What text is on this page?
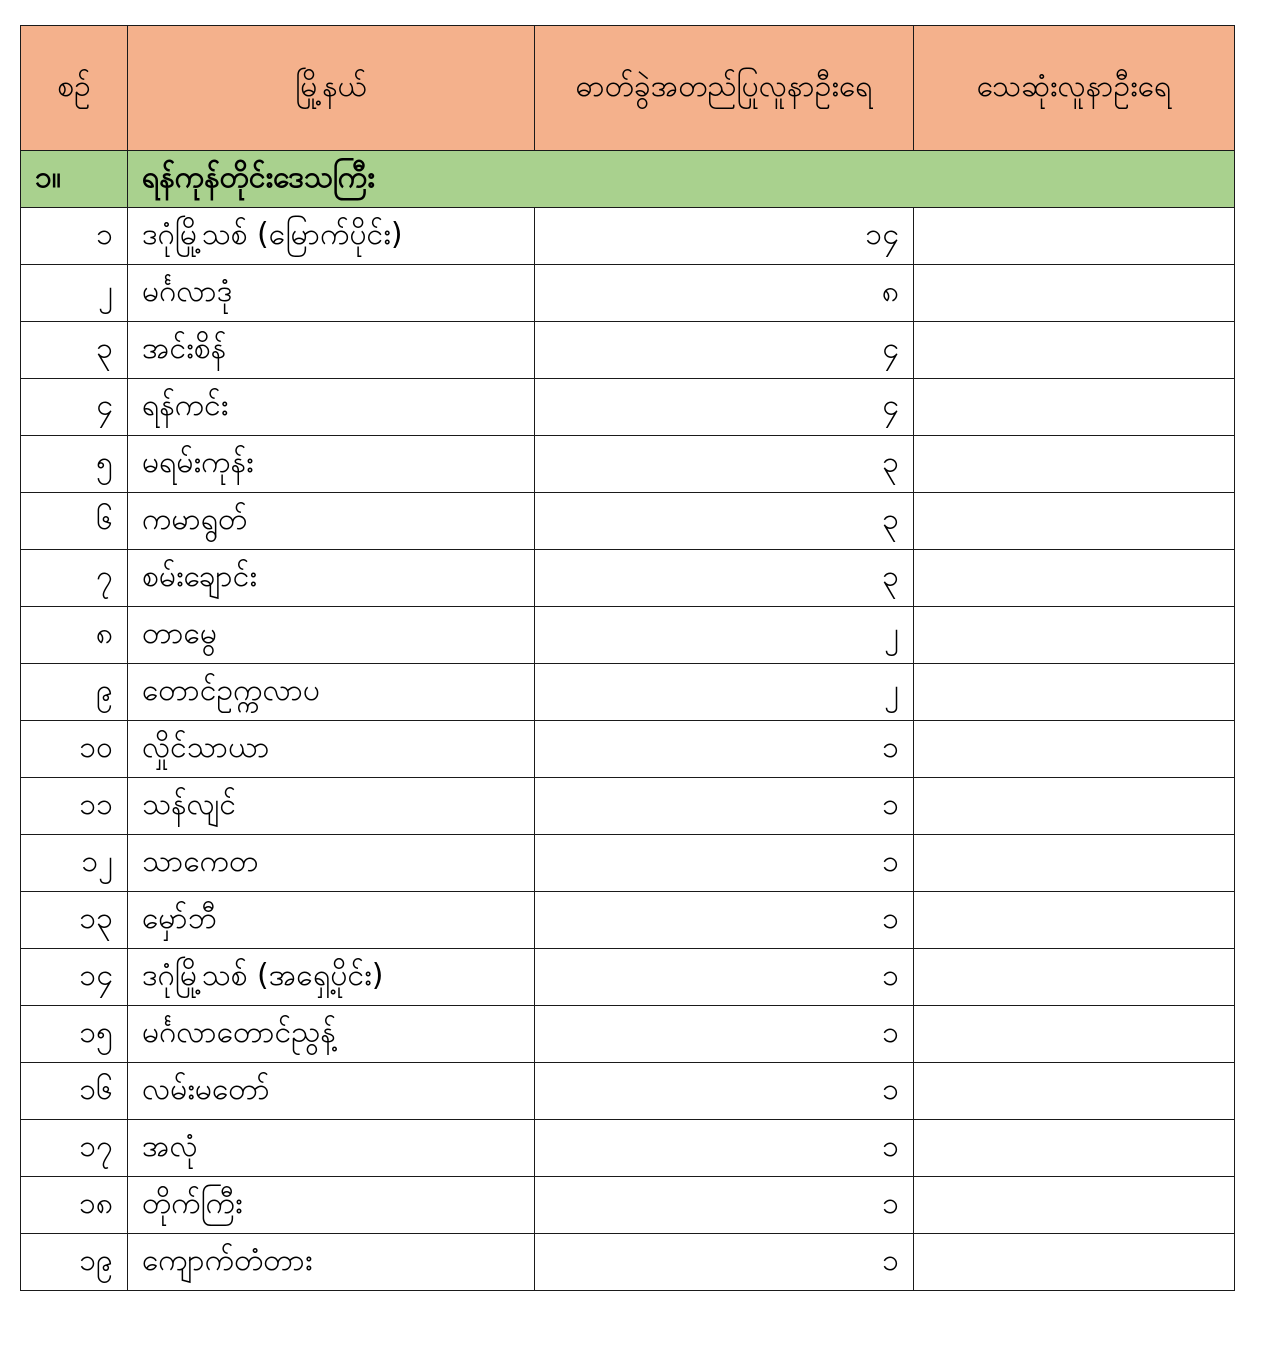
စဉ်	မြို့နယ်	ဓာတ်ခွဲအတည်ပြုလူနာဦးရေ	သေဆုံးလူနာဦးရေ
၁။	ရန်ကုန်တိုင်းဒေသကြီး		
၁	ဒဂုံမြို့သစ် (မြောက်ပိုင်း)	၁၄	
၂	မင်္ဂလာဒုံ	၈	
၃	အင်းစိန်	၄	
၄	ရန်ကင်း	၄	
၅	မရမ်းကုန်း	၃	
၆	ကမာရွတ်	၃	
၇	စမ်းချောင်း	၃	
၈	တာမွေ	၂	
၉	တောင်ဥက္ကလာပ	၂	
၁၀	လှိုင်သာယာ	၁	
၁၁	သန်လျင်	၁	
၁၂	သာကေတ	၁	
၁၃	မှော်ဘီ	၁	
၁၄	ဒဂုံမြို့သစ် (အရှေ့ပိုင်း)	၁	
၁၅	မင်္ဂလာတောင်ညွန့်	၁	
၁၆	လမ်းမတော်	၁	
၁၇	အလုံ	၁	
၁၈	တိုက်ကြီး	၁	
၁၉	ကျောက်တံတား	၁	
